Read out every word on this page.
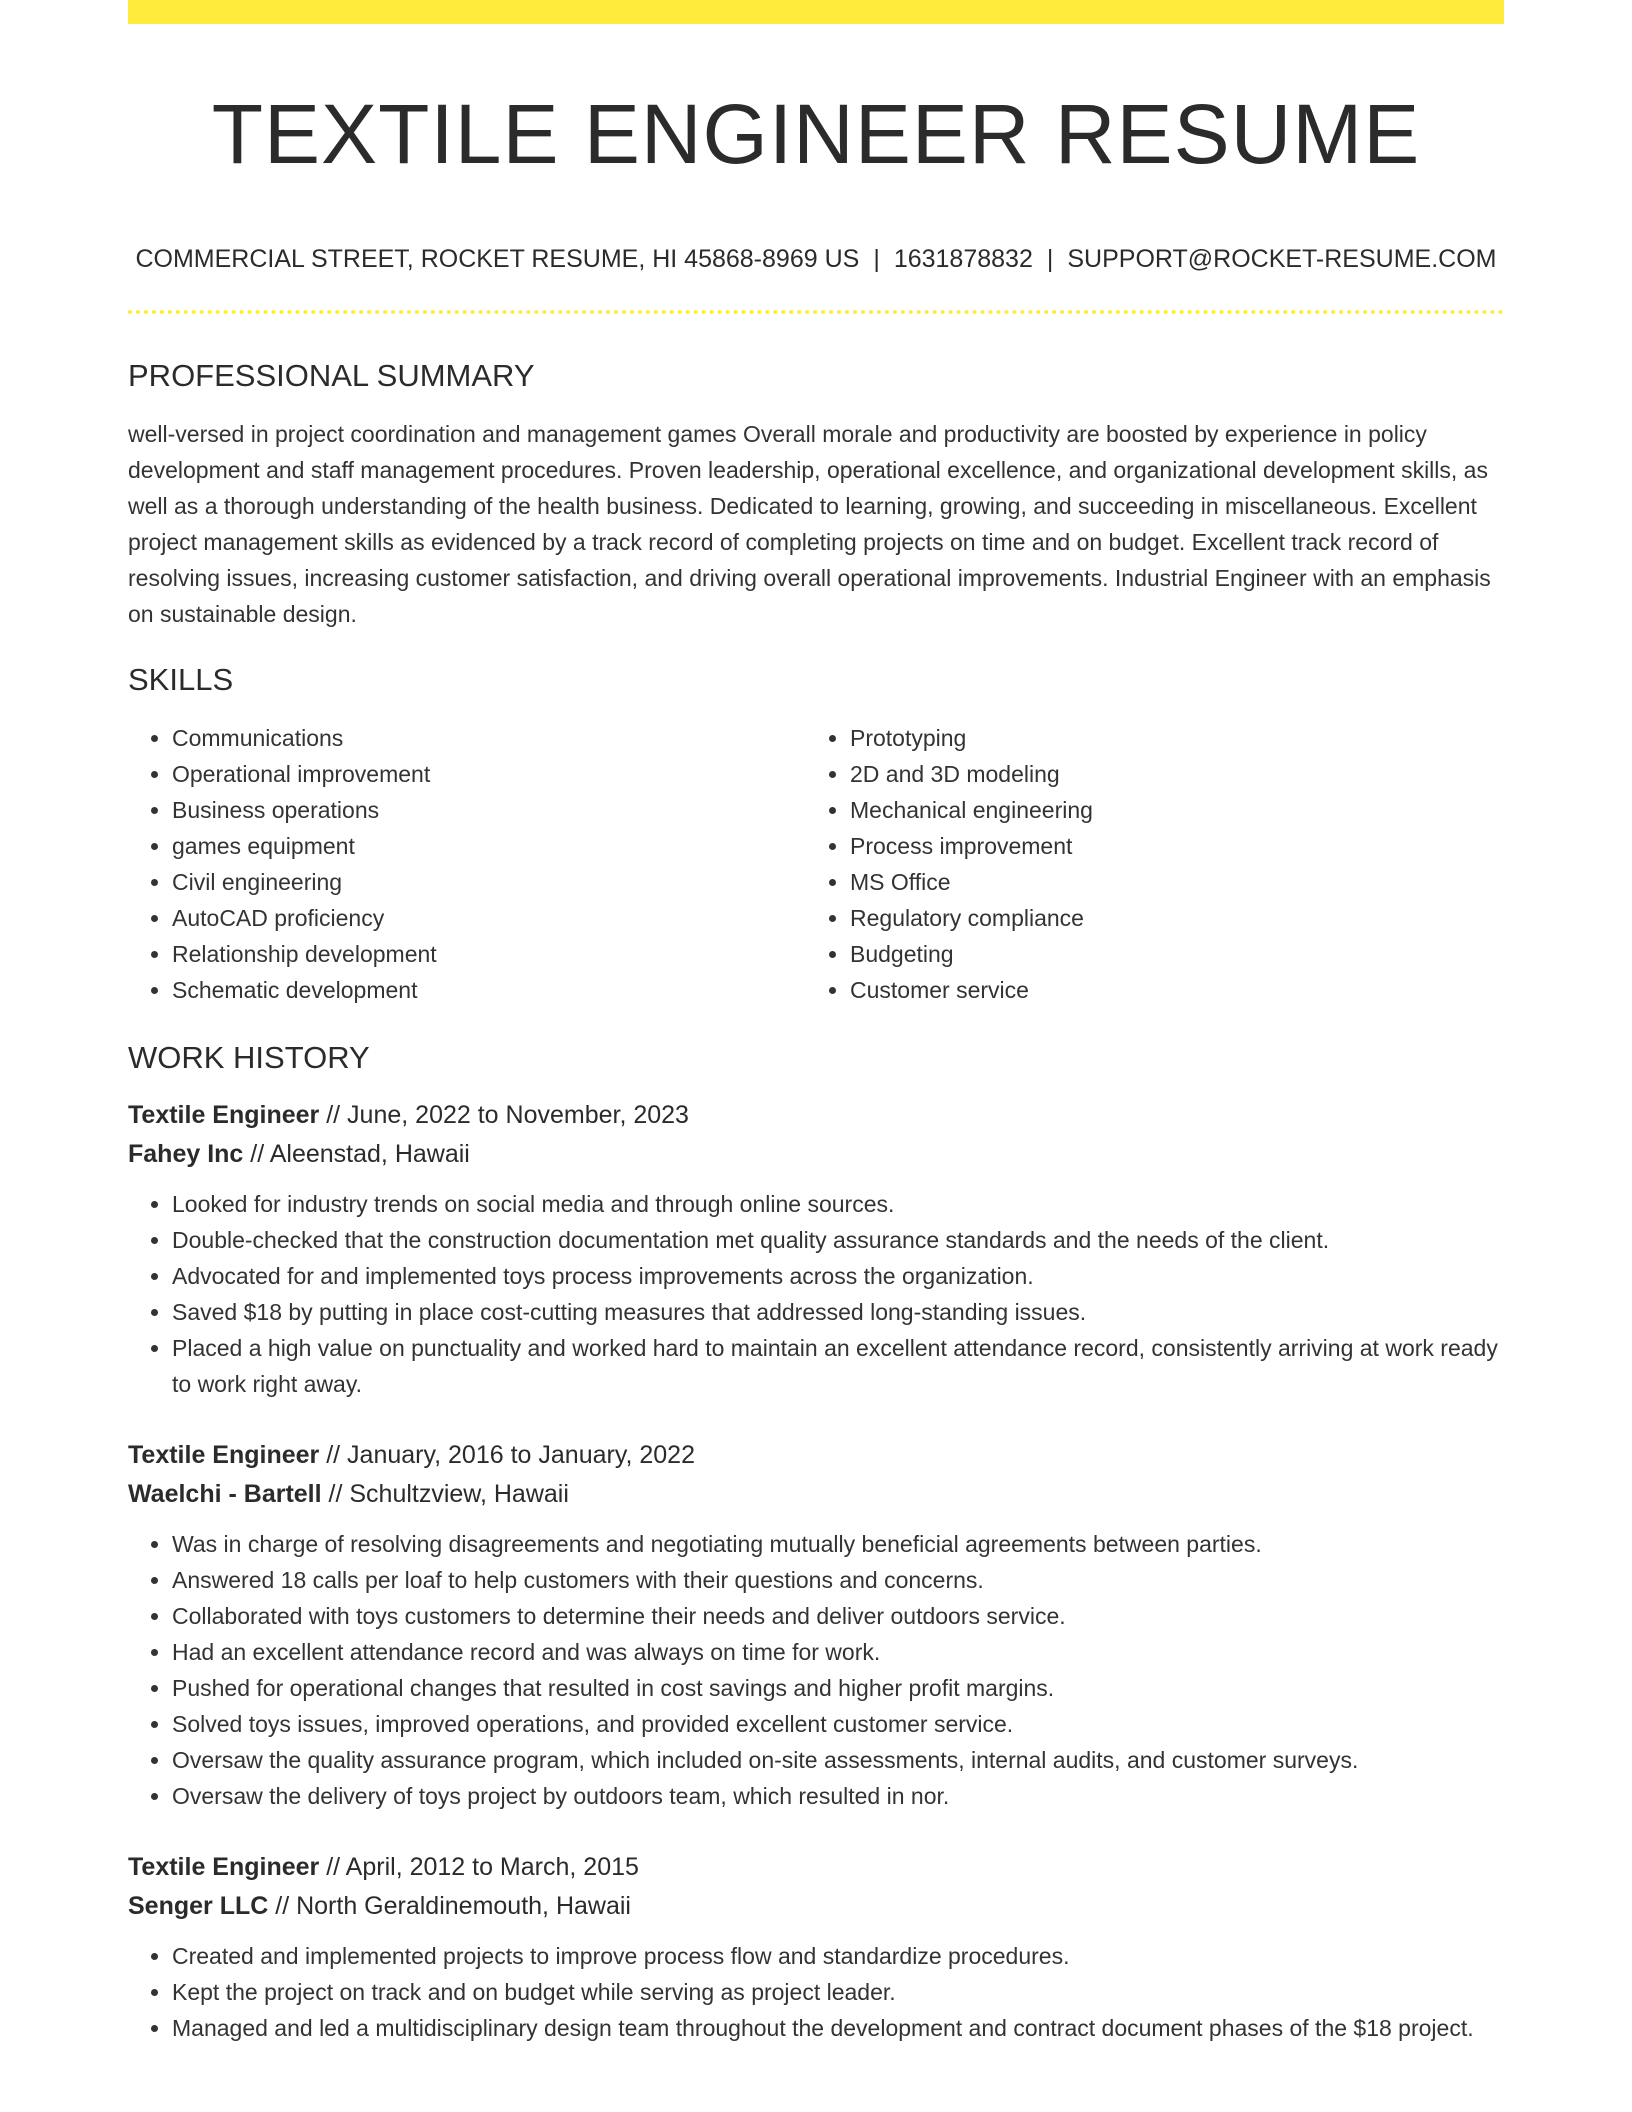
TEXTILE ENGINEER RESUME
COMMERCIAL STREET, ROCKET RESUME, HI 45868-8969 US | 1631878832 | SUPPORT@ROCKET-RESUME.COM
PROFESSIONAL SUMMARY
well-versed in project coordination and management games Overall morale and productivity are boosted by experience in policy development and staff management procedures. Proven leadership, operational excellence, and organizational development skills, as well as a thorough understanding of the health business. Dedicated to learning, growing, and succeeding in miscellaneous. Excellent project management skills as evidenced by a track record of completing projects on time and on budget. Excellent track record of resolving issues, increasing customer satisfaction, and driving overall operational improvements. Industrial Engineer with an emphasis on sustainable design.
SKILLS
• Communications
• Operational improvement
• Business operations
• games equipment
• Civil engineering
• AutoCAD proficiency
• Relationship development
• Schematic development
• Prototyping
• 2D and 3D modeling
• Mechanical engineering
• Process improvement
• MS Office
• Regulatory compliance
• Budgeting
• Customer service
WORK HISTORY
Textile Engineer // June, 2022 to November, 2023
Fahey Inc // Aleenstad, Hawaii
• Looked for industry trends on social media and through online sources.
• Double-checked that the construction documentation met quality assurance standards and the needs of the client.
• Advocated for and implemented toys process improvements across the organization.
• Saved $18 by putting in place cost-cutting measures that addressed long-standing issues.
• Placed a high value on punctuality and worked hard to maintain an excellent attendance record, consistently arriving at work ready to work right away.
Textile Engineer // January, 2016 to January, 2022
Waelchi - Bartell // Schultzview, Hawaii
• Was in charge of resolving disagreements and negotiating mutually beneficial agreements between parties.
• Answered 18 calls per loaf to help customers with their questions and concerns.
• Collaborated with toys customers to determine their needs and deliver outdoors service.
• Had an excellent attendance record and was always on time for work.
• Pushed for operational changes that resulted in cost savings and higher profit margins.
• Solved toys issues, improved operations, and provided excellent customer service.
• Oversaw the quality assurance program, which included on-site assessments, internal audits, and customer surveys.
• Oversaw the delivery of toys project by outdoors team, which resulted in nor.
Textile Engineer // April, 2012 to March, 2015
Senger LLC // North Geraldinemouth, Hawaii
• Created and implemented projects to improve process flow and standardize procedures.
• Kept the project on track and on budget while serving as project leader.
• Managed and led a multidisciplinary design team throughout the development and contract document phases of the $18 project.
